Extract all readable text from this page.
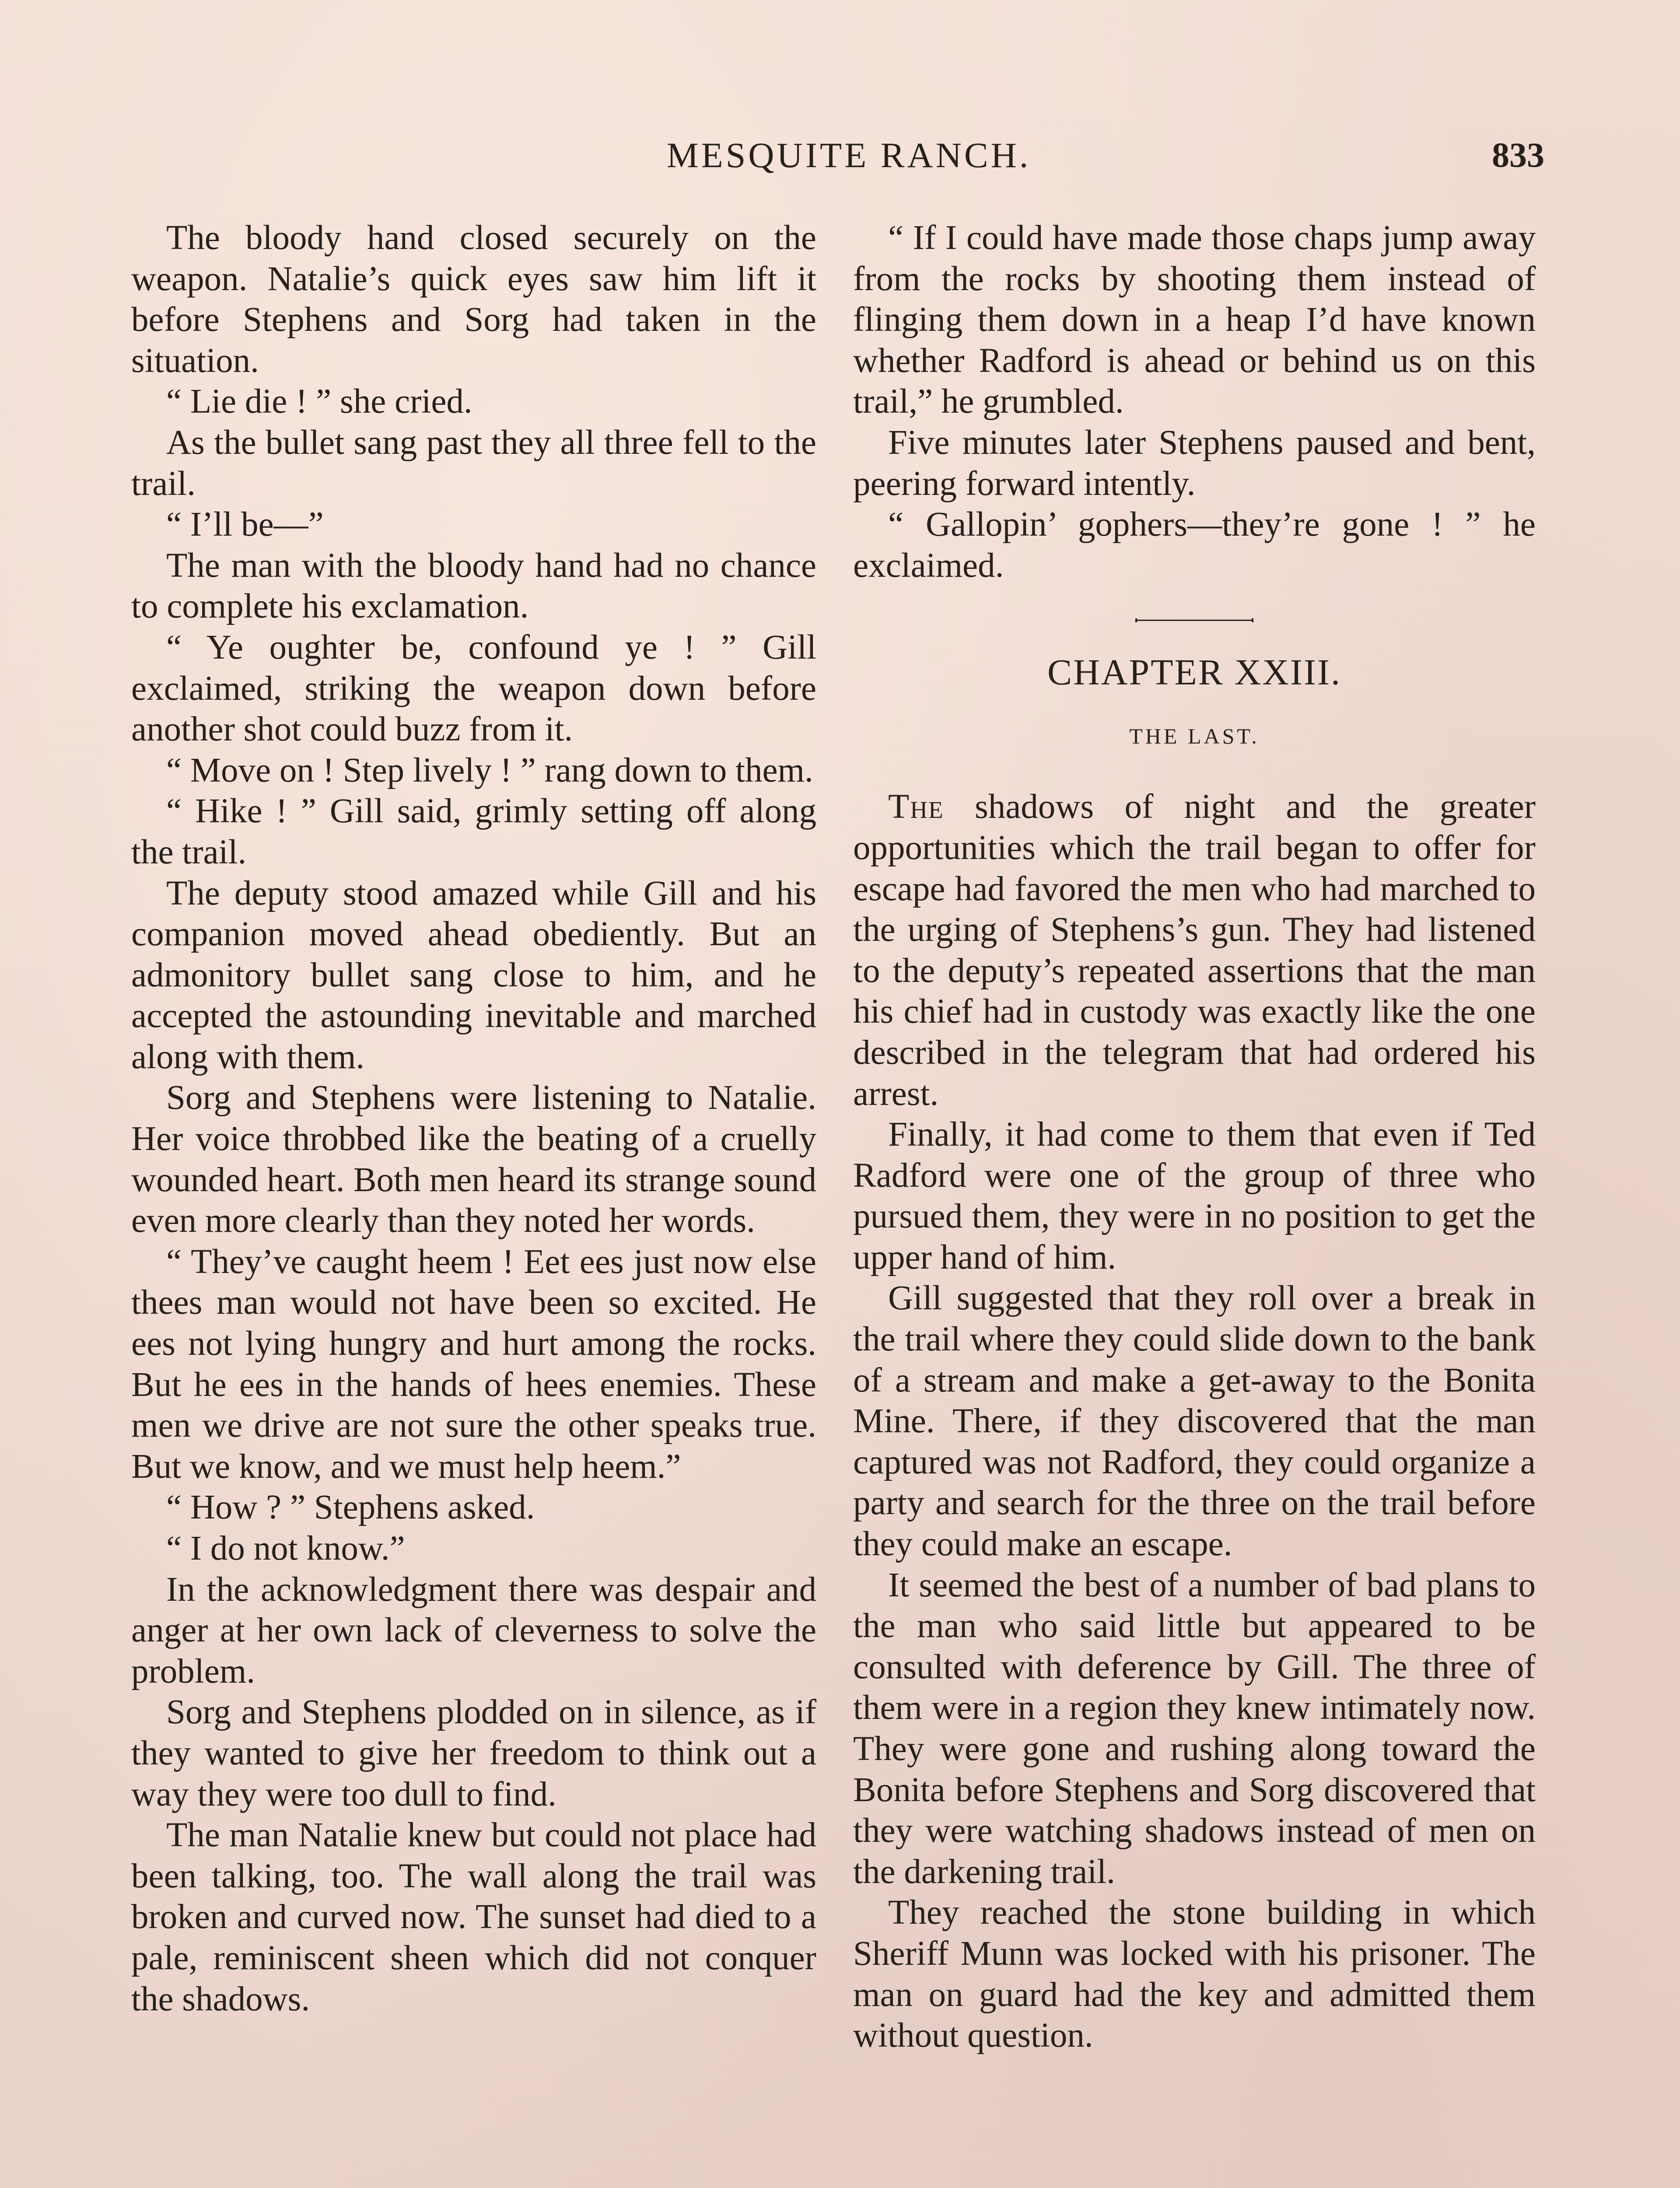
MESQUITE RANCH.	833

The bloody hand closed securely on the weapon. Natalie’s quick eyes saw him lift it before Stephens and Sorg had taken in the situation.

“ Lie die ! ” she cried.

As the bullet sang past they all three fell to the trail.

“ I’ll be—”

The man with the bloody hand had no chance to complete his exclamation.

“ Ye oughter be, confound ye ! ” Gill exclaimed, striking the weapon down before another shot could buzz from it.

“ Move on ! Step lively ! ” rang down to them.

“ Hike ! ” Gill said, grimly setting off along the trail.

The deputy stood amazed while Gill and his companion moved ahead obediently. But an admonitory bullet sang close to him, and he accepted the astounding inevitable and marched along with them.

Sorg and Stephens were listening to Natalie. Her voice throbbed like the beating of a cruelly wounded heart. Both men heard its strange sound even more clearly than they noted her words.

“ They’ve caught heem ! Eet ees just now else thees man would not have been so excited. He ees not lying hungry and hurt among the rocks. But he ees in the hands of hees enemies. These men we drive are not sure the other speaks true. But we know, and we must help heem.”

“ How ? ” Stephens asked.

“ I do not know.”

In the acknowledgment there was despair and anger at her own lack of cleverness to solve the problem.

Sorg and Stephens plodded on in silence, as if they wanted to give her freedom to think out a way they were too dull to find.

The man Natalie knew but could not place had been talking, too. The wall along the trail was broken and curved now. The sunset had died to a pale, reminiscent sheen which did not conquer the shadows.

“ If I could have made those chaps jump away from the rocks by shooting them instead of flinging them down in a heap I’d have known whether Radford is ahead or behind us on this trail,” he grumbled.

Five minutes later Stephens paused and bent, peering forward intently.

“ Gallopin’ gophers—they’re gone ! ” he exclaimed.

CHAPTER XXIII.
THE LAST.

The shadows of night and the greater opportunities which the trail began to offer for escape had favored the men who had marched to the urging of Stephens’s gun. They had listened to the deputy’s repeated assertions that the man his chief had in custody was exactly like the one described in the telegram that had ordered his arrest.

Finally, it had come to them that even if Ted Radford were one of the group of three who pursued them, they were in no position to get the upper hand of him.

Gill suggested that they roll over a break in the trail where they could slide down to the bank of a stream and make a get-away to the Bonita Mine. There, if they discovered that the man captured was not Radford, they could organize a party and search for the three on the trail before they could make an escape.

It seemed the best of a number of bad plans to the man who said little but appeared to be consulted with deference by Gill. The three of them were in a region they knew intimately now. They were gone and rushing along toward the Bonita before Stephens and Sorg discovered that they were watching shadows instead of men on the darkening trail.

They reached the stone building in which Sheriff Munn was locked with his prisoner. The man on guard had the key and admitted them without question.
